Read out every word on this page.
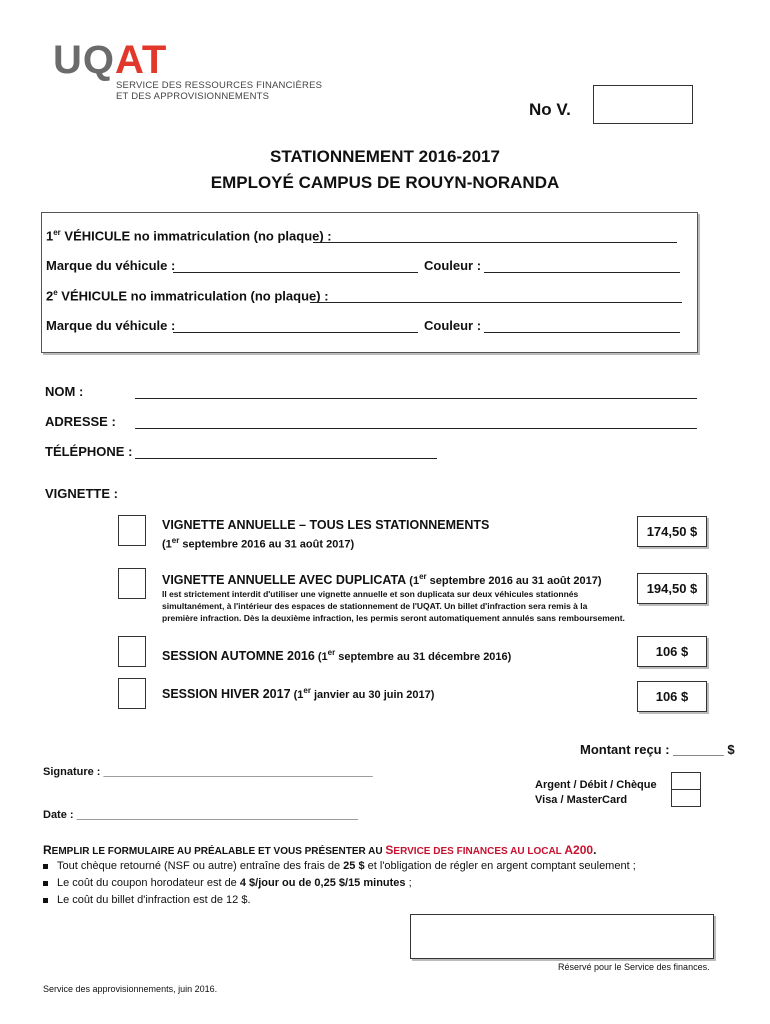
UQAT
SERVICE DES RESSOURCES FINANCIÈRES
ET DES APPROVISIONNEMENTS
No V.
STATIONNEMENT 2016-2017
EMPLOYÉ CAMPUS DE ROUYN-NORANDA
1er VÉHICULE no immatriculation (no plaque) :
Marque du véhicule :	Couleur :
2e VÉHICULE no immatriculation (no plaque) :
Marque du véhicule :	Couleur :
NOM :
ADRESSE :
TÉLÉPHONE :
VIGNETTE :
VIGNETTE ANNUELLE – TOUS LES STATIONNEMENTS
(1er septembre 2016 au 31 août 2017)
174,50 $
VIGNETTE ANNUELLE AVEC DUPLICATA (1er septembre 2016 au 31 août 2017)
Il est strictement interdit d'utiliser une vignette annuelle et son duplicata sur deux véhicules stationnés
simultanément, à l'intérieur des espaces de stationnement de l'UQAT. Un billet d'infraction sera remis à la
première infraction. Dès la deuxième infraction, les permis seront automatiquement annulés sans remboursement.
194,50 $
SESSION AUTOMNE 2016 (1er septembre au 31 décembre 2016)	106 $
SESSION HIVER 2017 (1er janvier au 30 juin 2017)	106 $
Montant reçu : _______ $
Signature : ____________________________________________
Argent / Débit / Chèque
Visa / MasterCard
Date : ______________________________________________
REMPLIR LE FORMULAIRE AU PRÉALABLE ET VOUS PRÉSENTER AU SERVICE DES FINANCES AU LOCAL A200.
Tout chèque retourné (NSF ou autre) entraîne des frais de 25 $ et l'obligation de régler en argent comptant seulement ;
Le coût du coupon horodateur est de 4 $/jour ou de 0,25 $/15 minutes ;
Le coût du billet d'infraction est de 12 $.
Réservé pour le Service des finances.
Service des approvisionnements, juin 2016.
